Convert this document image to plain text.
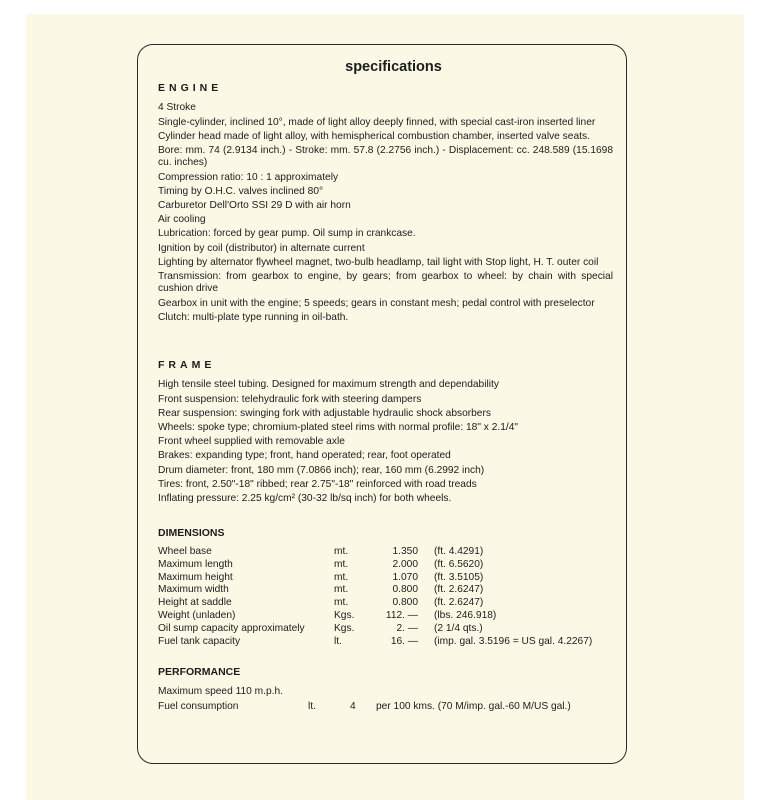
specifications
ENGINE
4 Stroke
Single-cylinder, inclined 10°, made of light alloy deeply finned, with special cast-iron inserted liner
Cylinder head made of light alloy, with hemispherical combustion chamber, inserted valve seats.
Bore: mm. 74 (2.9134 inch.) - Stroke: mm. 57.8 (2.2756 inch.) - Displacement: cc. 248.589 (15.1698 cu. inches)
Compression ratio: 10 : 1 approximately
Timing by O.H.C. valves inclined 80°
Carburetor Dell'Orto SSI 29 D with air horn
Air cooling
Lubrication: forced by gear pump. Oil sump in crankcase.
Ignition by coil (distributor) in alternate current
Lighting by alternator flywheel magnet, two-bulb headlamp, tail light with Stop light, H. T. outer coil
Transmission: from gearbox to engine, by gears; from gearbox to wheel: by chain with special cushion drive
Gearbox in unit with the engine; 5 speeds; gears in constant mesh; pedal control with preselector
Clutch: multi-plate type running in oil-bath.
FRAME
High tensile steel tubing. Designed for maximum strength and dependability
Front suspension: telehydraulic fork with steering dampers
Rear suspension: swinging fork with adjustable hydraulic shock absorbers
Wheels: spoke type; chromium-plated steel rims with normal profile: 18" x 2.1/4"
Front wheel supplied with removable axle
Brakes: expanding type; front, hand operated; rear, foot operated
Drum diameter: front, 180 mm (7.0866 inch); rear, 160 mm (6.2992 inch)
Tires: front, 2.50"-18" ribbed; rear 2.75"-18" reinforced with road treads
Inflating pressure: 2.25 kg/cm² (30-32 lb/sq inch) for both wheels.
DIMENSIONS
Wheel base	mt.	1.350	(ft. 4.4291)
Maximum length	mt.	2.000	(ft. 6.5620)
Maximum height	mt.	1.070	(ft. 3.5105)
Maximum width	mt.	0.800	(ft. 2.6247)
Height at saddle	mt.	0.800	(ft. 2.6247)
Weight (unladen)	Kgs.	112. —	(lbs. 246.918)
Oil sump capacity approximately	Kgs.	2. —	(2 1/4 qts.)
Fuel tank capacity	lt.	16. —	(imp. gal. 3.5196 = US gal. 4.2267)
PERFORMANCE
Maximum speed 110 m.p.h.
Fuel consumption	lt.	4	per 100 kms. (70 M/imp. gal.-60 M/US gal.)
